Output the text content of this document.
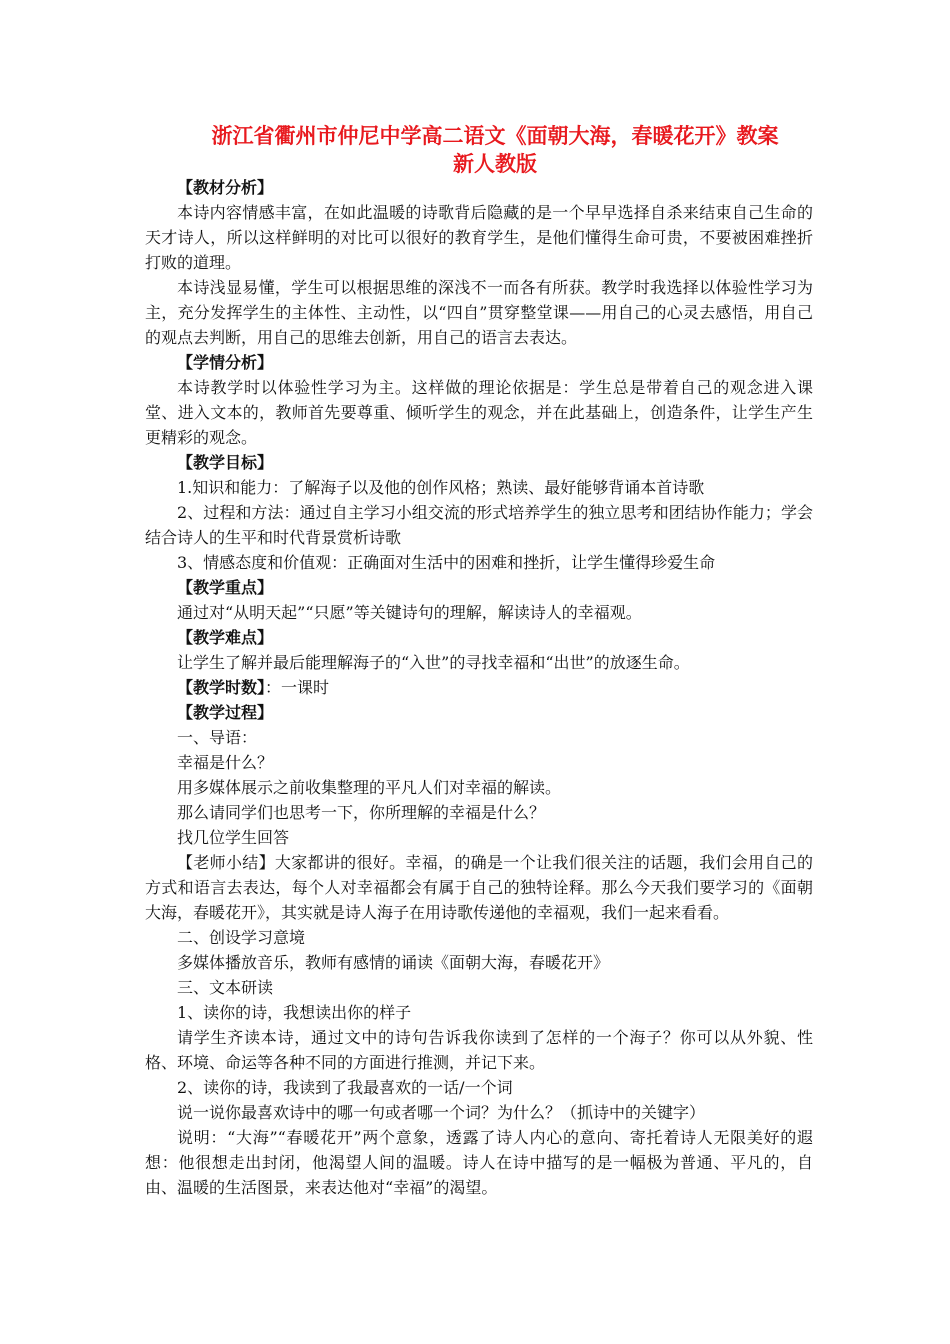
浙江省衢州市仲尼中学高二语文《面朝大海，春暖花开》教案
新人教版
【教材分析】

本诗内容情感丰富，在如此温暖的诗歌背后隐藏的是一个早早选择自杀来结束自己生命的天才诗人，所以这样鲜明的对比可以很好的教育学生，是他们懂得生命可贵，不要被困难挫折打败的道理。

本诗浅显易懂，学生可以根据思维的深浅不一而各有所获。教学时我选择以体验性学习为主，充分发挥学生的主体性、主动性，以“四自”贯穿整堂课——用自己的心灵去感悟，用自己的观点去判断，用自己的思维去创新，用自己的语言去表达。

【学情分析】

本诗教学时以体验性学习为主。这样做的理论依据是：学生总是带着自己的观念进入课堂、进入文本的，教师首先要尊重、倾听学生的观念，并在此基础上，创造条件，让学生产生更精彩的观念。

【教学目标】

1.知识和能力：了解海子以及他的创作风格；熟读、最好能够背诵本首诗歌

2、过程和方法：通过自主学习小组交流的形式培养学生的独立思考和团结协作能力；学会结合诗人的生平和时代背景赏析诗歌

3、情感态度和价值观：正确面对生活中的困难和挫折，让学生懂得珍爱生命

【教学重点】

通过对“从明天起”“只愿”等关键诗句的理解，解读诗人的幸福观。

【教学难点】

让学生了解并最后能理解海子的“入世”的寻找幸福和“出世”的放逐生命。

【教学时数】：一课时
【教学过程】

一、导语：

幸福是什么？

用多媒体展示之前收集整理的平凡人们对幸福的解读。

那么请同学们也思考一下，你所理解的幸福是什么？

找几位学生回答

【老师小结】大家都讲的很好。幸福，的确是一个让我们很关注的话题，我们会用自己的方式和语言去表达，每个人对幸福都会有属于自己的独特诠释。那么今天我们要学习的《面朝大海，春暖花开》，其实就是诗人海子在用诗歌传递他的幸福观，我们一起来看看。

二、创设学习意境

多媒体播放音乐，教师有感情的诵读《面朝大海，春暖花开》

三、文本研读

1、读你的诗，我想读出你的样子

请学生齐读本诗，通过文中的诗句告诉我你读到了怎样的一个海子？你可以从外貌、性格、环境、命运等各种不同的方面进行推测，并记下来。

2、读你的诗，我读到了我最喜欢的一话/一个词

说一说你最喜欢诗中的哪一句或者哪一个词？为什么？（抓诗中的关键字）

说明：“大海”“春暖花开”两个意象，透露了诗人内心的意向、寄托着诗人无限美好的遐想：他很想走出封闭，他渴望人间的温暖。诗人在诗中描写的是一幅极为普通、平凡的，自由、温暖的生活图景，来表达他对“幸福”的渴望。
